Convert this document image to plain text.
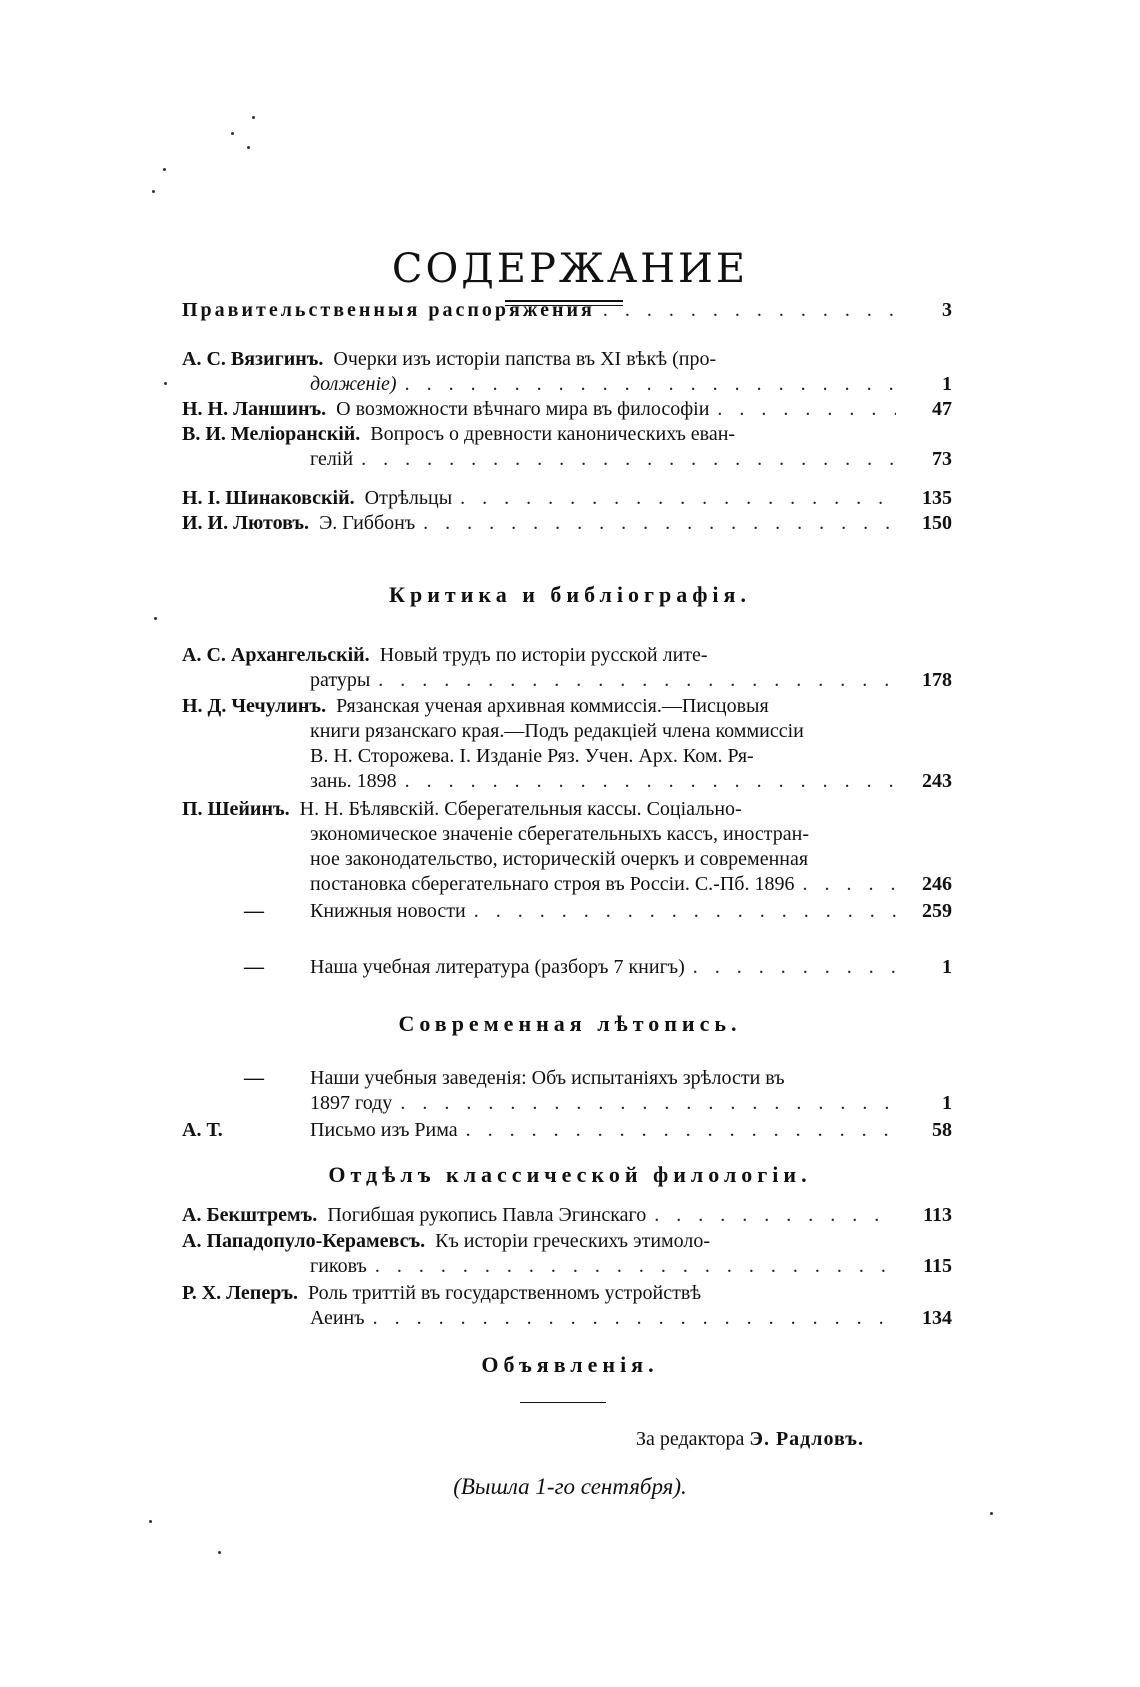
СОДЕРЖАНИЕ
Правительственныя распоряжения . . .	3
А. С. Вязигинъ. Очерки изъ исторіи папства въ XI вѣкѣ (про-
долженіе) . . .	1
Н. Н. Ланшинъ. О возможности вѣчнаго мира въ философіи . . .	47
В. И. Меліоранскій. Вопросъ о древности каноническихъ еван-
гелій . . .	73
Н. І. Шинаковскій. Отрѣльцы . . .	135
И. И. Лютовъ. Э. Гиббонъ . . .	150
Критика и библіографія.
А. С. Архангельскій. Новый трудъ по исторіи русской лите-
ратуры . . .	178
Н. Д. Чечулинъ. Рязанская ученая архивная коммиссія.—Писцовыя
книги рязанскаго края.—Подъ редакціей члена коммиссіи
В. Н. Сторожева. I. Изданіе Ряз. Учен. Арх. Ком. Ря-
зань. 1898 . . .	243
П. Шейинъ. Н. Н. Бѣлявскій. Сберегательныя кассы. Соціально-
экономическое значеніе сберегательныхъ кассъ, иностран-
ное законодательство, историческій очеркъ и современная
постановка сберегательнаго строя въ Россіи. С.-Пб. 1896 . . .	246
— Книжныя новости . . .	259
— Наша учебная литература (разборъ 7 книгъ) . . .	1
Современная лѣтопись.
— Наши учебныя заведенія: Объ испытаніяхъ зрѣлости въ
1897 году . . .	1
А. Т.	Письмо изъ Рима . . .	58
Отдѣлъ классической филологіи.
А. Бекштремъ. Погибшая рукопись Павла Эгинскаго . . .	113
А. Пападопуло-Керамевсъ. Къ исторіи греческихъ этимоло-
гиковъ . . .	115
Р. Х. Леперъ. Роль триттій въ государственномъ устройствѣ
Аеинъ . . .	134
Объявленія.
За редактора Э. Радловъ.
(Вышла 1-го сентября).
